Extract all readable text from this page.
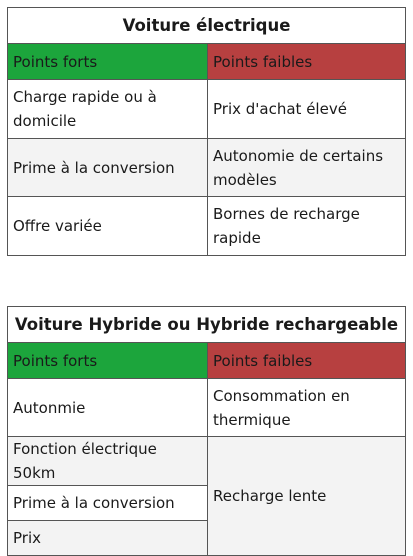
Voiture électrique	
Points forts	Points faibles
Charge rapide ou à domicile	Prix d'achat élevé
Prime à la conversion	Autonomie de certains modèles
Offre variée	Bornes de recharge rapide
Voiture Hybride ou Hybride rechargeable	
Points forts	Points faibles
Autonmie	Consommation en thermique
Fonction électrique 50km	Recharge lente
Prime à la conversion	
Prix	
